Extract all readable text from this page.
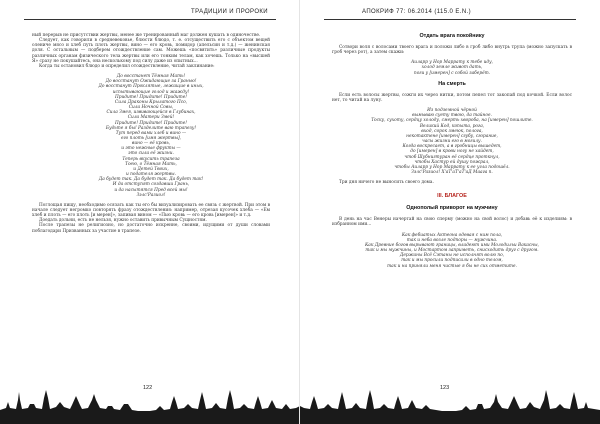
ТРАДИЦИИ И ПРОРОКИ
ный перерыв не присутствии жертвы, менее же тренированный маг должен кушать в одиночестве.
Следует, как говорили в средневековье, блюсти блюдо, т. е. отсуществить его с объектом вещей олениче мясо и хлеб путь плоть жертвы, вино — его кровь, помидор (апельсин и т.д.) — женинская доля. С остальным — подберем отождествление сам. Можешь «посвятить» различные продукты различных органам физического тела жертвы или его тонким телам, как хочешь. Только на «высшей Я» сразу не покушайтесь, она несколькому под силу даже из опытных...
Когда ты остановил блюдо и определил отождествление, читай заклинание:
До восстанет Тёмная Мать!
До восстанут Ожидающие за Гранью!
До восстанут Проклятые, лежащие в иных,
испытывающие голод и жажду!
Придите! Придите! Придите!
Сила Драконы Крылатого Псо,
Сила Ночной Совы,
Сила Змея, извивающейся в Глубинах,
Сила Матери Змей!
Придите! Придите! Придите!
Будьте я бы! Разделите ваю трапезу!
Тут перед вами хлеб и вино —
его плоть [имя жертвы],
вино — её кровь,
и это нежные фрукты —
это сила её жизни.
Теперь вкусить трапеза
Тоею, о Тёмная Мать,
и Детей Твоих,
и подателя жертвы.
Да будет так. Да будет так. Да будет так!
И да отступят создавши Грань,
и да насытятся Пред всей мы!
Зэлс'Разиол!
Поглощая пищу, необходимо осязать как ты его бы визуализировать ее связь с жертвой. При этом в начале следует негромко повторять фразу отождествления: например, отрезая кусочек хлеба — «Ем хлеб и плоть — его плоть [и мерен]», запивая вином — «Пью кровь — его кровь [имерен]» и т.д.
Доедать дольни, есть не нельзя, нужно оставить привычным Сущностям.
После трапезы не религиозно, но достаточно искренне, своими, идущими от души словами поблагодари Призванных за участие в трапезе.
122
АПОКРИФ 77: 06.2014 (115.0 E.N.)
Отдать врага покойнику
Сотвори воля с волосами твоего врага и положи либо в гроб либо внутрь трупа (можно запускать в гроб через рот), а затем скажи:
Аиларр у Нор Маррату к тебе иду,
холод земле живот дать,
поги у [имерен] с собой заберёт.
На смерть
Если есть волосы жертвы, сожги их через нитки, потом пепел тот закопай под кочкой. Если волос нет, то читай на луну.
Из подземной чёрной
вымываю суету твою, да тайное.
Тоску, сухоту, сердцу холоду, смерть хвороба, на [имерен] пошлите.
Великий Код, копыта, рога,
вход, сорок змеюк, полога,
некотактене [имерен] сгубу, сгорание,
часы жизни его в могилу.
Когда воскресает, а в гробницы вышедет,
до [имерен] в крови ногу не хайдет,
чтоб Шубнигтуран её сердце проткнул,
чтобы Хастур ей душу пожрал,
чтобы Аиларр у Нор Маррату к ее угла подошёл.
Зэлс'Разиол! Х'аТ'аТ'аТ'аД Маага п.
Три дня ничего не выносить своего дома.
III. БЛАГОЕ
Однополый приворот на мужчину
В день на час Венеры начертай на свою сперму (можно на свой волос) и добавь её к изделиям: в избранном ими...
Как фебиатых Актеона одевая с ним пола,
так и неба возле подпоры — мужчина.
Как Древние богов вырывают границы, владеют ими Молодильи Вакасны,
так и мы мужчины, и Мостартом заприметь, снисходить друг с другом.
Держаны Всё Сэтаны не исполнят волю по,
так и мы просили подписали в одно телом,
так и на приняли меня чистые я бы не сих отметите.
123
